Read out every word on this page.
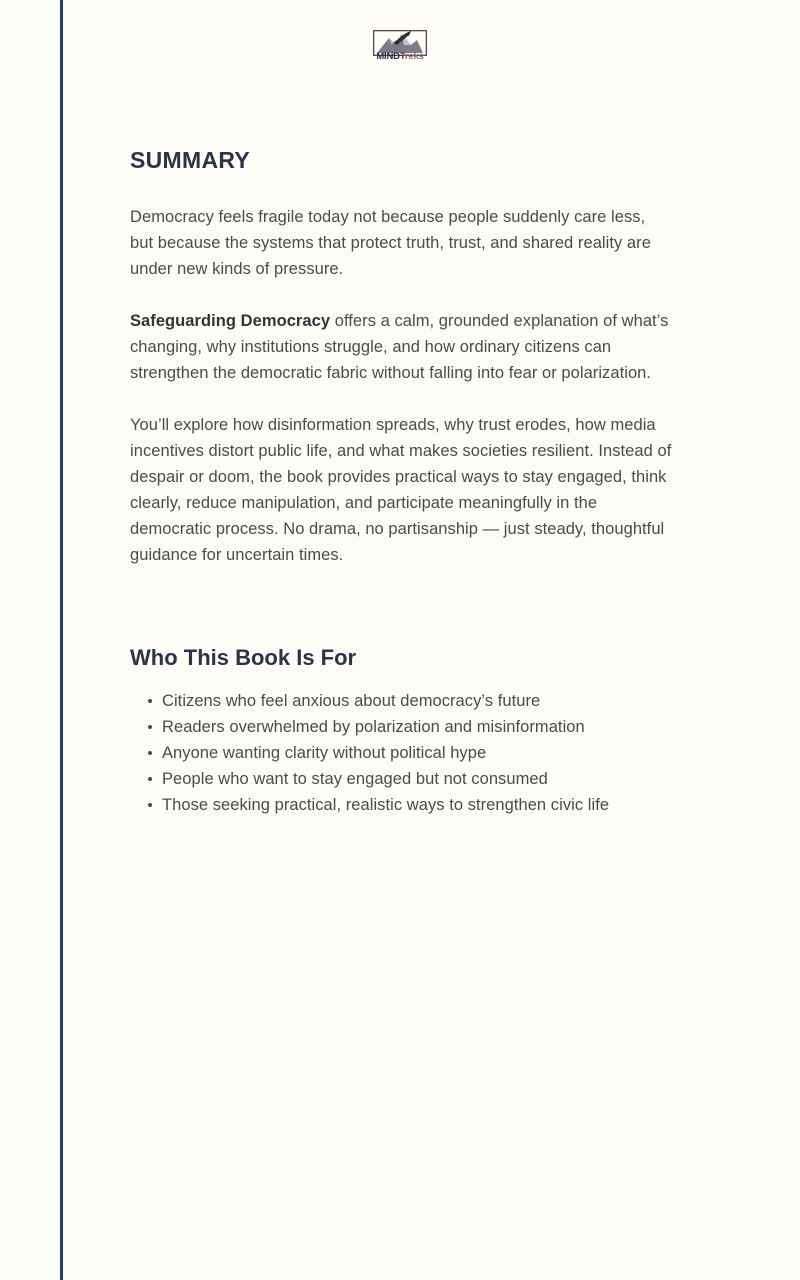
MINDTreks
SUMMARY

Democracy feels fragile today not because people suddenly care less, but because the systems that protect truth, trust, and shared reality are under new kinds of pressure.

Safeguarding Democracy offers a calm, grounded explanation of what’s changing, why institutions struggle, and how ordinary citizens can strengthen the democratic fabric without falling into fear or polarization.

You’ll explore how disinformation spreads, why trust erodes, how media incentives distort public life, and what makes societies resilient. Instead of despair or doom, the book provides practical ways to stay engaged, think clearly, reduce manipulation, and participate meaningfully in the democratic process. No drama, no partisanship — just steady, thoughtful guidance for uncertain times.

Who This Book Is For
Citizens who feel anxious about democracy’s future
Readers overwhelmed by polarization and misinformation
Anyone wanting clarity without political hype
People who want to stay engaged but not consumed
Those seeking practical, realistic ways to strengthen civic life
